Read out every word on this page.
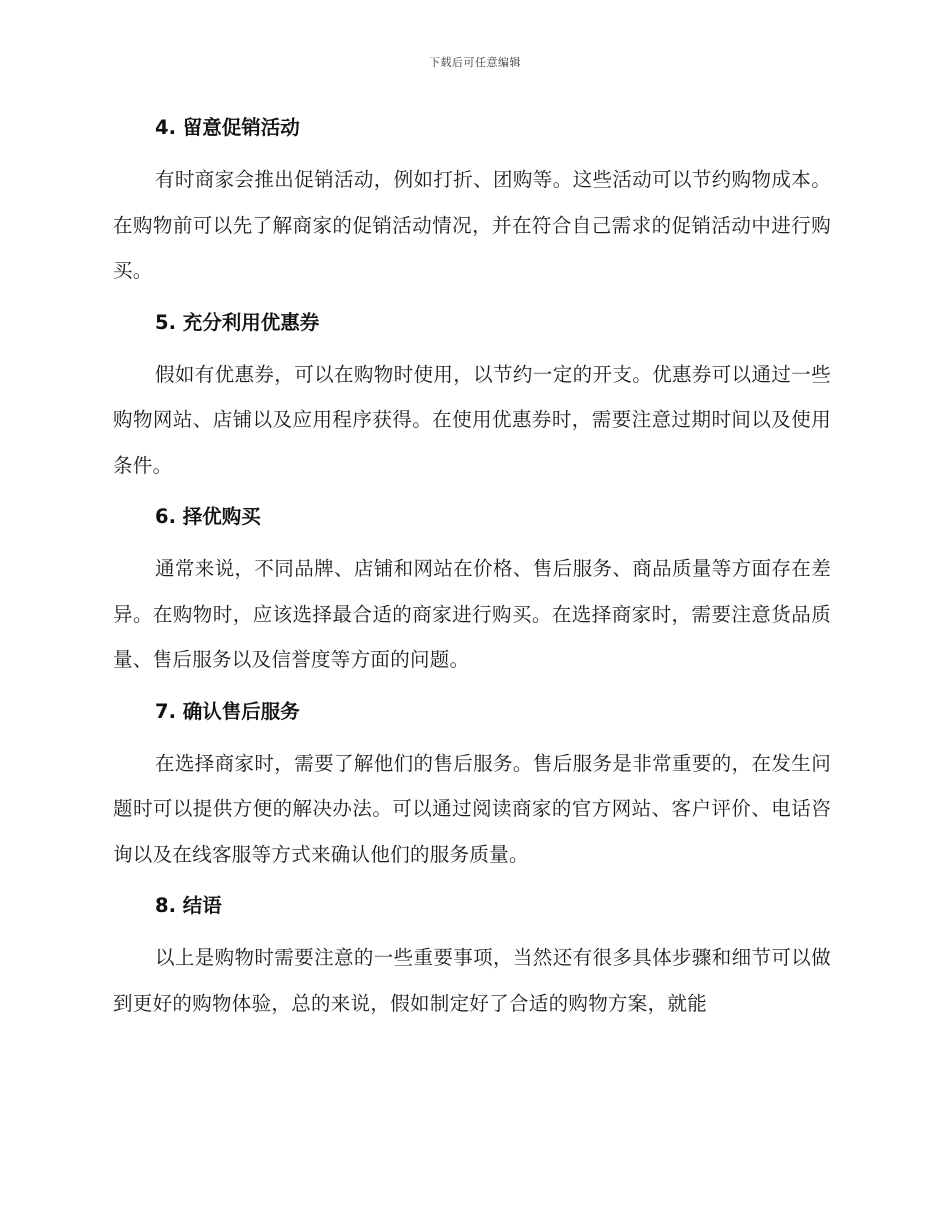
下载后可任意编辑
4. 留意促销活动

有时商家会推出促销活动，例如打折、团购等。这些活动可以节约购物成本。在购物前可以先了解商家的促销活动情况，并在符合自己需求的促销活动中进行购买。

5. 充分利用优惠券

假如有优惠券，可以在购物时使用，以节约一定的开支。优惠券可以通过一些购物网站、店铺以及应用程序获得。在使用优惠券时，需要注意过期时间以及使用条件。

6. 择优购买

通常来说，不同品牌、店铺和网站在价格、售后服务、商品质量等方面存在差异。在购物时，应该选择最合适的商家进行购买。在选择商家时，需要注意货品质量、售后服务以及信誉度等方面的问题。

7. 确认售后服务

在选择商家时，需要了解他们的售后服务。售后服务是非常重要的，在发生问题时可以提供方便的解决办法。可以通过阅读商家的官方网站、客户评价、电话咨询以及在线客服等方式来确认他们的服务质量。

8. 结语

以上是购物时需要注意的一些重要事项，当然还有很多具体步骤和细节可以做到更好的购物体验，总的来说，假如制定好了合适的购物方案，就能
